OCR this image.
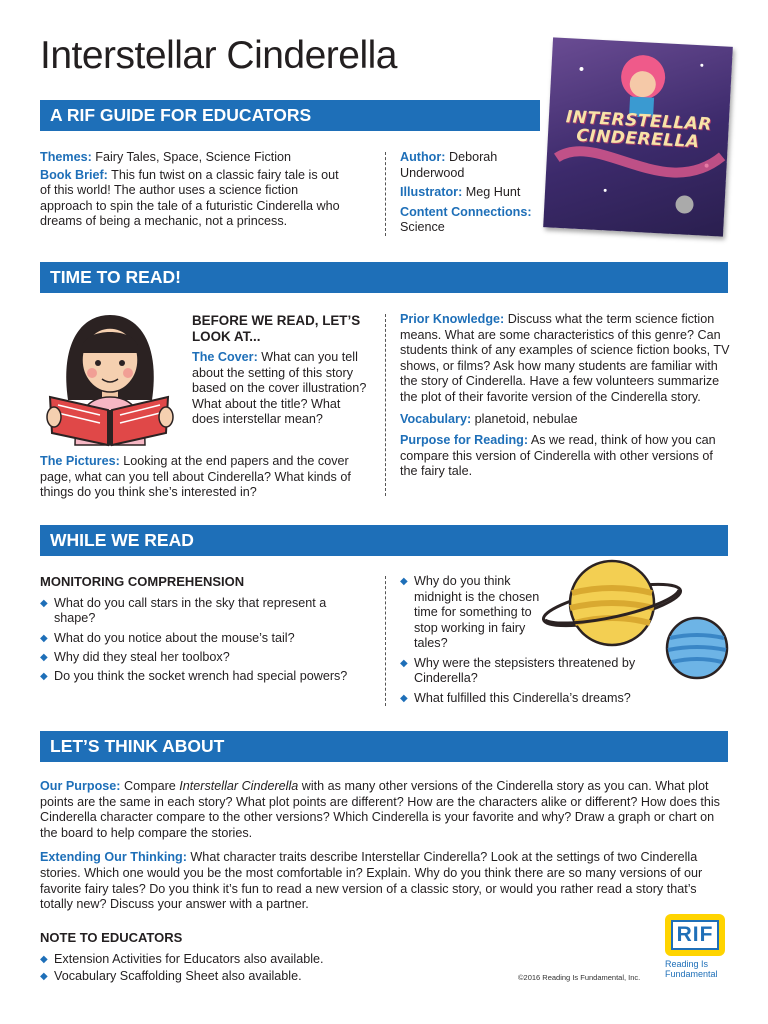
Interstellar Cinderella
INTERSTELLAR CINDERELLA
A RIF GUIDE FOR EDUCATORS

Themes: Fairy Tales, Space, Science Fiction

Book Brief: This fun twist on a classic fairy tale is out of this world! The author uses a science fiction approach to spin the tale of a futuristic Cinderella who dreams of being a mechanic, not a princess.

Author: Deborah Underwood

Illustrator: Meg Hunt

Content Connections: Science

TIME TO READ!

BEFORE WE READ, LET’S LOOK AT...

The Cover: What can you tell about the setting of this story based on the cover illustration? What about the title? What does interstellar mean?

The Pictures: Looking at the end papers and the cover page, what can you tell about Cinderella? What kinds of things do you think she’s interested in?

Prior Knowledge: Discuss what the term science fiction means. What are some characteristics of this genre? Can students think of any examples of science fiction books, TV shows, or films? Ask how many students are familiar with the story of Cinderella. Have a few volunteers summarize the plot of their favorite version of the Cinderella story.

Vocabulary: planetoid, nebulae

Purpose for Reading: As we read, think of how you can compare this version of Cinderella with other versions of the fairy tale.

WHILE WE READ

MONITORING COMPREHENSION

◆ What do you call stars in the sky that represent a shape?
◆ What do you notice about the mouse’s tail?
◆ Why did they steal her toolbox?
◆ Do you think the socket wrench had special powers?
◆ Why do you think midnight is the chosen time for something to stop working in fairy tales?
◆ Why were the stepsisters threatened by Cinderella?
◆ What fulfilled this Cinderella’s dreams?
LET’S THINK ABOUT

Our Purpose: Compare Interstellar Cinderella with as many other versions of the Cinderella story as you can. What plot points are the same in each story? What plot points are different? How are the characters alike or different? How does this Cinderella character compare to the other versions? Which Cinderella is your favorite and why? Draw a graph or chart on the board to help compare the stories.

Extending Our Thinking: What character traits describe Interstellar Cinderella? Look at the settings of two Cinderella stories. Which one would you be the most comfortable in? Explain. Why do you think there are so many versions of our favorite fairy tales? Do you think it’s fun to read a new version of a classic story, or would you rather read a story that’s totally new? Discuss your answer with a partner.

NOTE TO EDUCATORS

◆ Extension Activities for Educators also available.
◆ Vocabulary Scaffolding Sheet also available.	©2016 Reading Is Fundamental, Inc.
RIF
Reading Is
Fundamental
